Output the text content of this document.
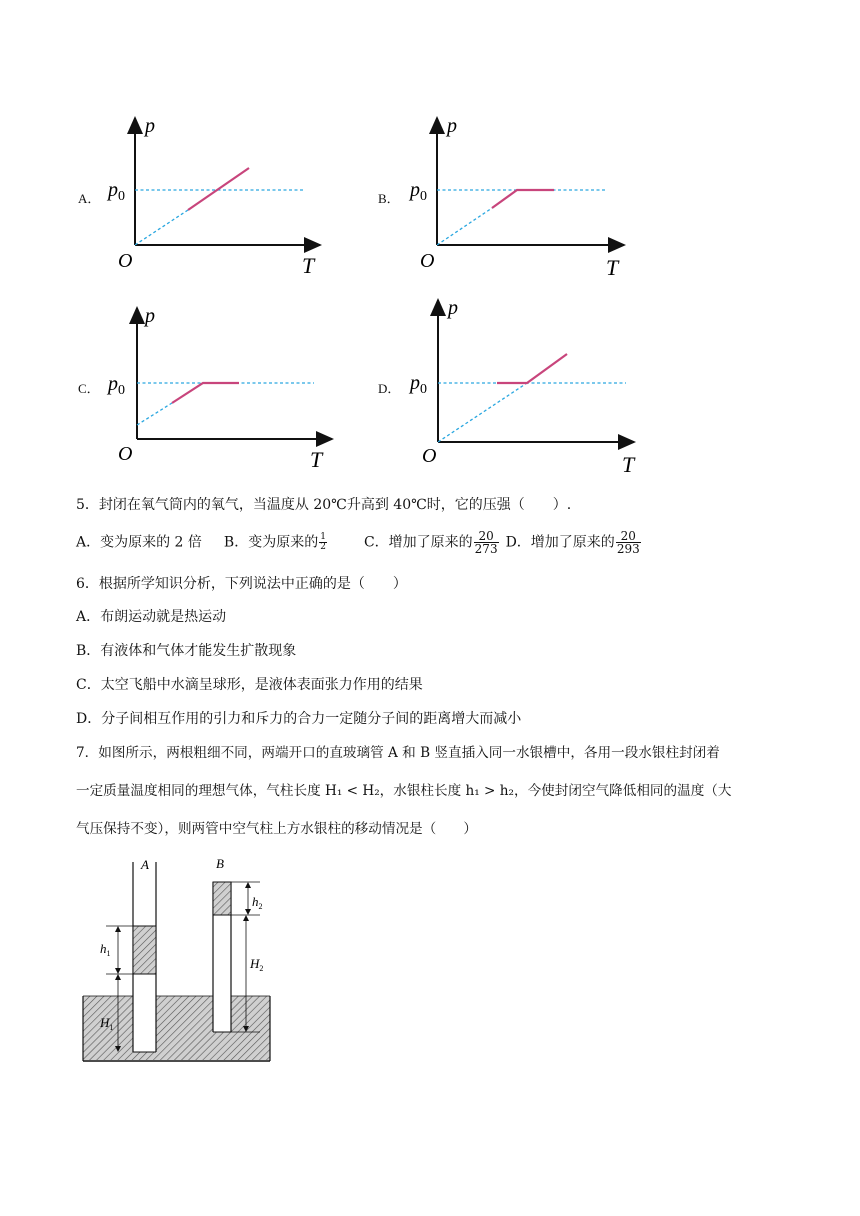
A．
p
T
O
$p_0$	B．
p
T
O
$p_0$
C．
p
T
O
$p_0$	D．
p
T
O
$p_0$
5．封闭在氧气筒内的氧气，当温度从 20℃升高到 40℃时，它的压强（　　）.
A．变为原来的 2 倍 B．变为原来的 $\frac{1}{2}$	C．增加了原来的 $\frac{20}{273}$ D．增加了原来的 $\frac{20}{293}$
6．根据所学知识分析，下列说法中正确的是（　　）
A．布朗运动就是热运动
B．有液体和气体才能发生扩散现象
C．太空飞船中水滴呈球形，是液体表面张力作用的结果
D．分子间相互作用的引力和斥力的合力一定随分子间的距离增大而减小
7．如图所示，两根粗细不同，两端开口的直玻璃管 A 和 B 竖直插入同一水银槽中，各用一段水银柱封闭着
一定质量温度相同的理想气体，气柱长度 H₁ < H₂，水银柱长度 h₁ > h₂，今使封闭空气降低相同的温度（大
气压保持不变），则两管中空气柱上方水银柱的移动情况是（　　）
A	B
$h_1$
$H_1$
$h_2$
$H_2$
